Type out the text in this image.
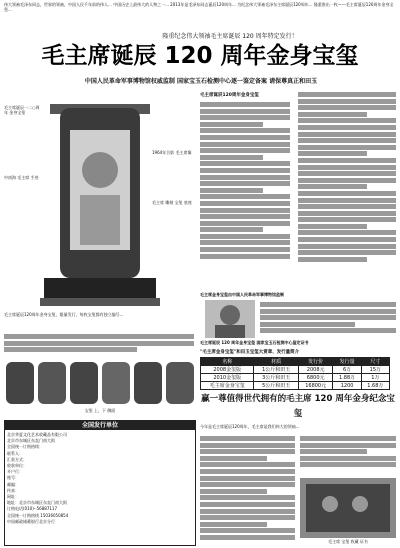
伟大领袖毛泽东同志，世界的领袖，中国人民千年前的伟人... 中国历史上最伟大的人物之一... 2013年是毛泽东同志诞辰120周年... 为纪念伟大领袖毛泽东主席诞辰120周年... 隆重推出一枚——毛主席诞辰120周年金身宝玺...
隆重纪念伟大领袖毛主席诞辰 120 周年特定发行！
毛主席诞辰 120 周年金身宝玺
中国人民革命军事博物馆权威监制 国家宝玉石检测中心逐一鉴定备案 请保尊真正和田玉
毛主席诞辰一二○周年 金身宝玺
1964年合影 毛主席像
毛主席 雕刻 宝玺 底座
中南海 毛主席 手迹
毛主席诞辰120周年金身宝玺
毛主席金身宝玺由中国人民革命军事博物馆监制
毛主席诞辰120周年金身宝玺，限量发行，每枚宝玺都有独立编号...
宝玺 上、下 侧面
毛主席诞辰 120 周年金身宝玺 国家宝玉石检测中心鉴定证书
"毛主席金身宝玺"和田玉宝玺大赏章、发行量简介
名称	材质	发行价	发行量	尺寸
2008金玺版	1公斤和田玉	2008元	6万	15万
2010金玺版	3公斤和田玉	6800元	1.88万	1万
毛主席金身宝玺	5公斤和田玉	16800元	1200	1.68万
全国发行单位
北京华夏文化艺术收藏品有限公司
北京市东城区东直门南大街
全国统一订购热线：
联系人：
汇款方式：
收款单位：
开户行：
账号：
邮编：
传真：
网址：
地址：北京市东城区东直门南大街
订购电话(010)--56887117
全国统一订购热线 15036050854
中国邮政储蓄银行北京分行
赢一尊值得世代拥有的毛主席 120 周年金身纪念宝玺
今年是毛主席诞辰120周年，毛主席是我们伟大的领袖...
毛主席 宝玺 收藏 证书
